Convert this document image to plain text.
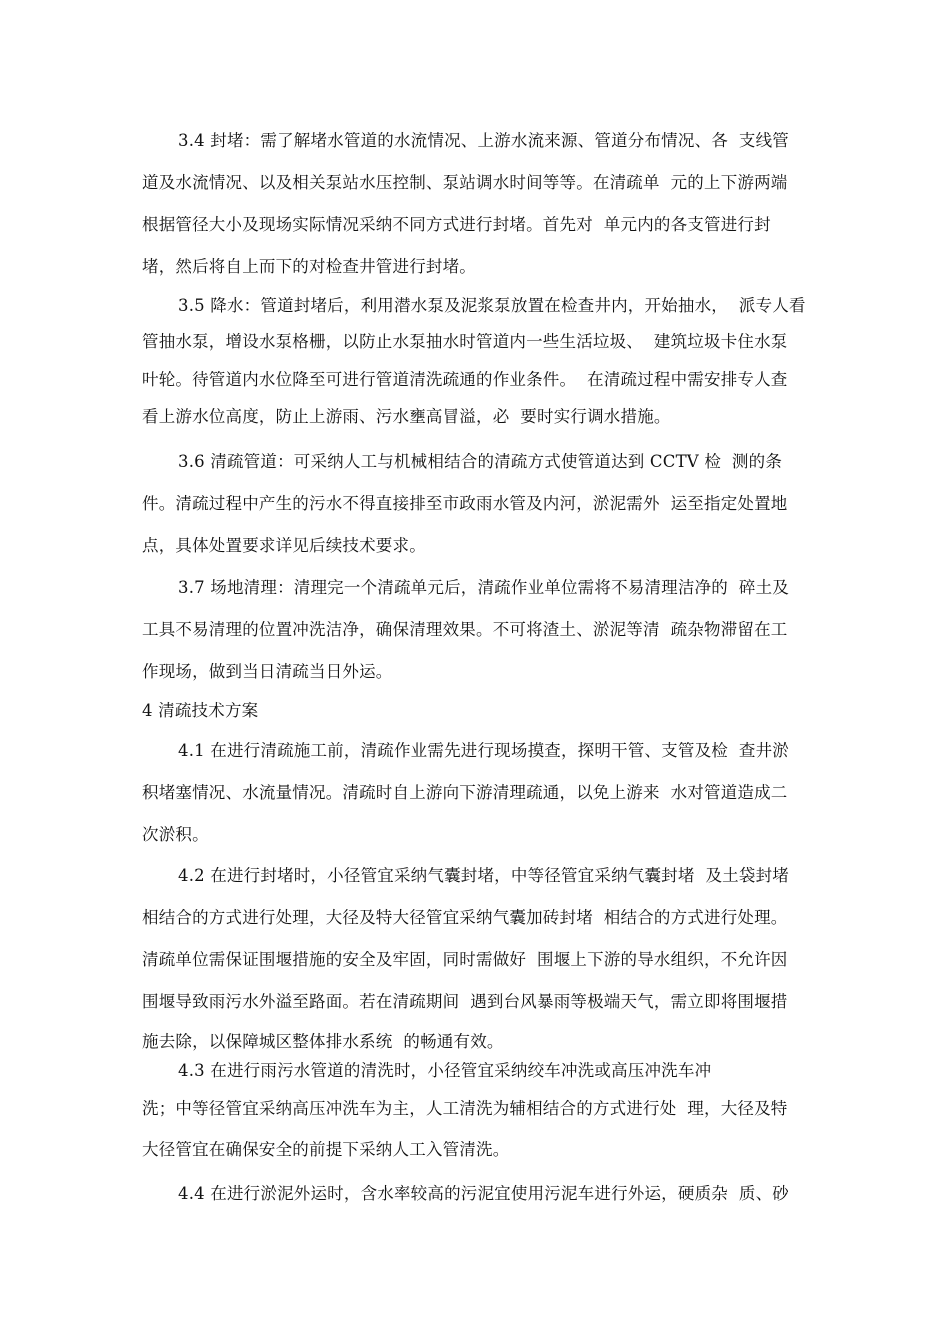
3.4 封堵：需了解堵水管道的水流情况、上游水流来源、管道分布情况、各  支线管

道及水流情况、以及相关泵站水压控制、泵站调水时间等等。在清疏单  元的上下游两端

根据管径大小及现场实际情况采纳不同方式进行封堵。首先对  单元内的各支管进行封

堵，然后将自上而下的对检查井管进行封堵。

3.5 降水：管道封堵后，利用潜水泵及泥浆泵放置在检查井内，开始抽水，  派专人看

管抽水泵，增设水泵格栅，以防止水泵抽水时管道内一些生活垃圾、  建筑垃圾卡住水泵

叶轮。待管道内水位降至可进行管道清洗疏通的作业条件。  在清疏过程中需安排专人查

看上游水位高度，防止上游雨、污水壅高冒溢，必  要时实行调水措施。

3.6 清疏管道：可采纳人工与机械相结合的清疏方式使管道达到 CCTV 检  测的条

件。清疏过程中产生的污水不得直接排至市政雨水管及内河，淤泥需外  运至指定处置地

点，具体处置要求详见后续技术要求。

3.7 场地清理：清理完一个清疏单元后，清疏作业单位需将不易清理洁净的  碎土及

工具不易清理的位置冲洗洁净，确保清理效果。不可将渣土、淤泥等清  疏杂物滞留在工

作现场，做到当日清疏当日外运。

4 清疏技术方案

4.1 在进行清疏施工前，清疏作业需先进行现场摸查，探明干管、支管及检  查井淤

积堵塞情况、水流量情况。清疏时自上游向下游清理疏通，以免上游来  水对管道造成二

次淤积。

4.2 在进行封堵时，小径管宜采纳气囊封堵，中等径管宜采纳气囊封堵  及土袋封堵

相结合的方式进行处理，大径及特大径管宜采纳气囊加砖封堵  相结合的方式进行处理。

清疏单位需保证围堰措施的安全及牢固，同时需做好  围堰上下游的导水组织，不允许因

围堰导致雨污水外溢至路面。若在清疏期间  遇到台风暴雨等极端天气，需立即将围堰措

施去除，以保障城区整体排水系统  的畅通有效。

4.3 在进行雨污水管道的清洗时，小径管宜采纳绞车冲洗或高压冲洗车冲

洗；中等径管宜采纳高压冲洗车为主，人工清洗为辅相结合的方式进行处  理，大径及特

大径管宜在确保安全的前提下采纳人工入管清洗。

4.4 在进行淤泥外运时，含水率较高的污泥宜使用污泥车进行外运，硬质杂  质、砂
